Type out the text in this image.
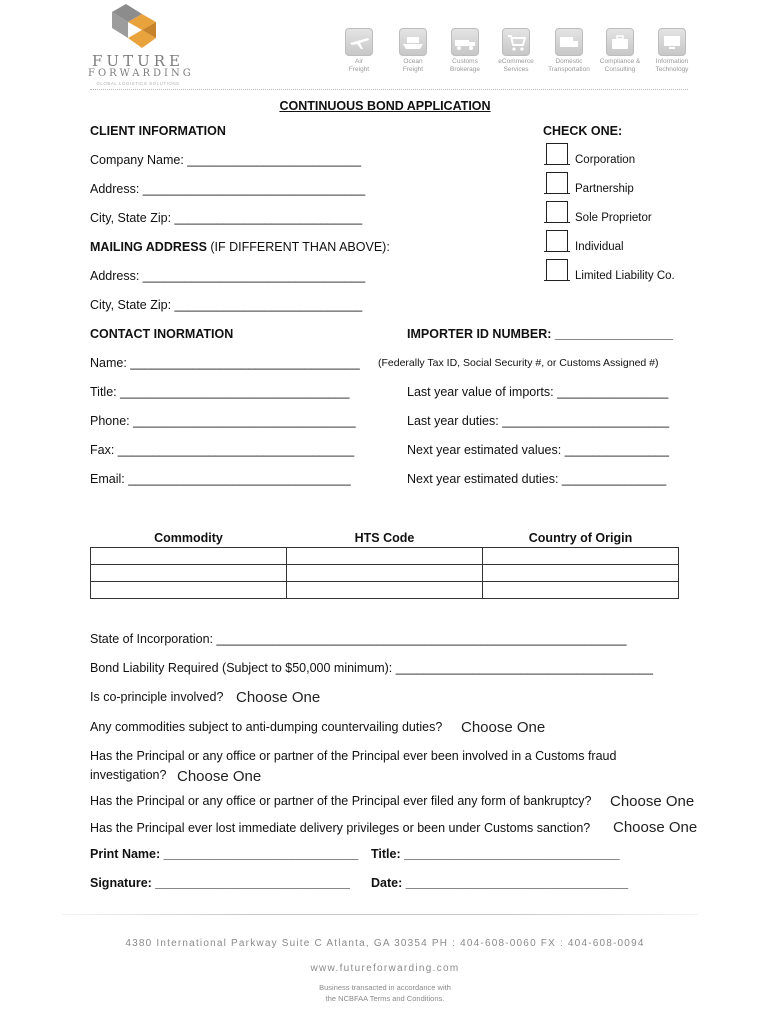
FUTURE
FORWARDING
GLOBAL LOGISTICS SOLUTIONS
Air
Freight
Ocean
Freight
Customs
Brokerage
eCommerce
Services
Domestic
Transportation
Compliance &
Consulting
Information
Technology
CONTINUOUS BOND APPLICATION
CLIENT INFORMATION
Company Name: _________________________
Address: ________________________________
City, State Zip: ___________________________
MAILING ADDRESS (IF DIFFERENT THAN ABOVE):
Address: ________________________________
City, State Zip: ___________________________
CHECK ONE:
Corporation
Partnership
Sole Proprietor
Individual
Limited Liability Co.
CONTACT INORMATION
Name: _________________________________
Title: _________________________________
Phone: ________________________________
Fax: __________________________________
Email: ________________________________
IMPORTER ID NUMBER: _________________
(Federally Tax ID, Social Security #, or Customs Assigned #)
Last year value of imports: ________________
Last year duties: ________________________
Next year estimated values: _______________
Next year estimated duties: _______________
Commodity	HTS Code	Country of Origin

State of Incorporation: ___________________________________________________________
Bond Liability Required (Subject to $50,000 minimum): _____________________________________
Is co-principle involved? Choose One
Any commodities subject to anti-dumping countervailing duties? Choose One
Has the Principal or any office or partner of the Principal ever been involved in a Customs fraud
investigation? Choose One
Has the Principal or any office or partner of the Principal ever filed any form of bankruptcy? Choose One
Has the Principal ever lost immediate delivery privileges or been under Customs sanction? Choose One
Print Name: ____________________________ Title: _______________________________
Signature: ____________________________ Date: ________________________________
4380 International Parkway Suite C Atlanta, GA 30354 PH : 404-608-0060 FX : 404-608-0094
www.futureforwarding.com
Business transacted in accordance with
the NCBFAA Terms and Conditions.
